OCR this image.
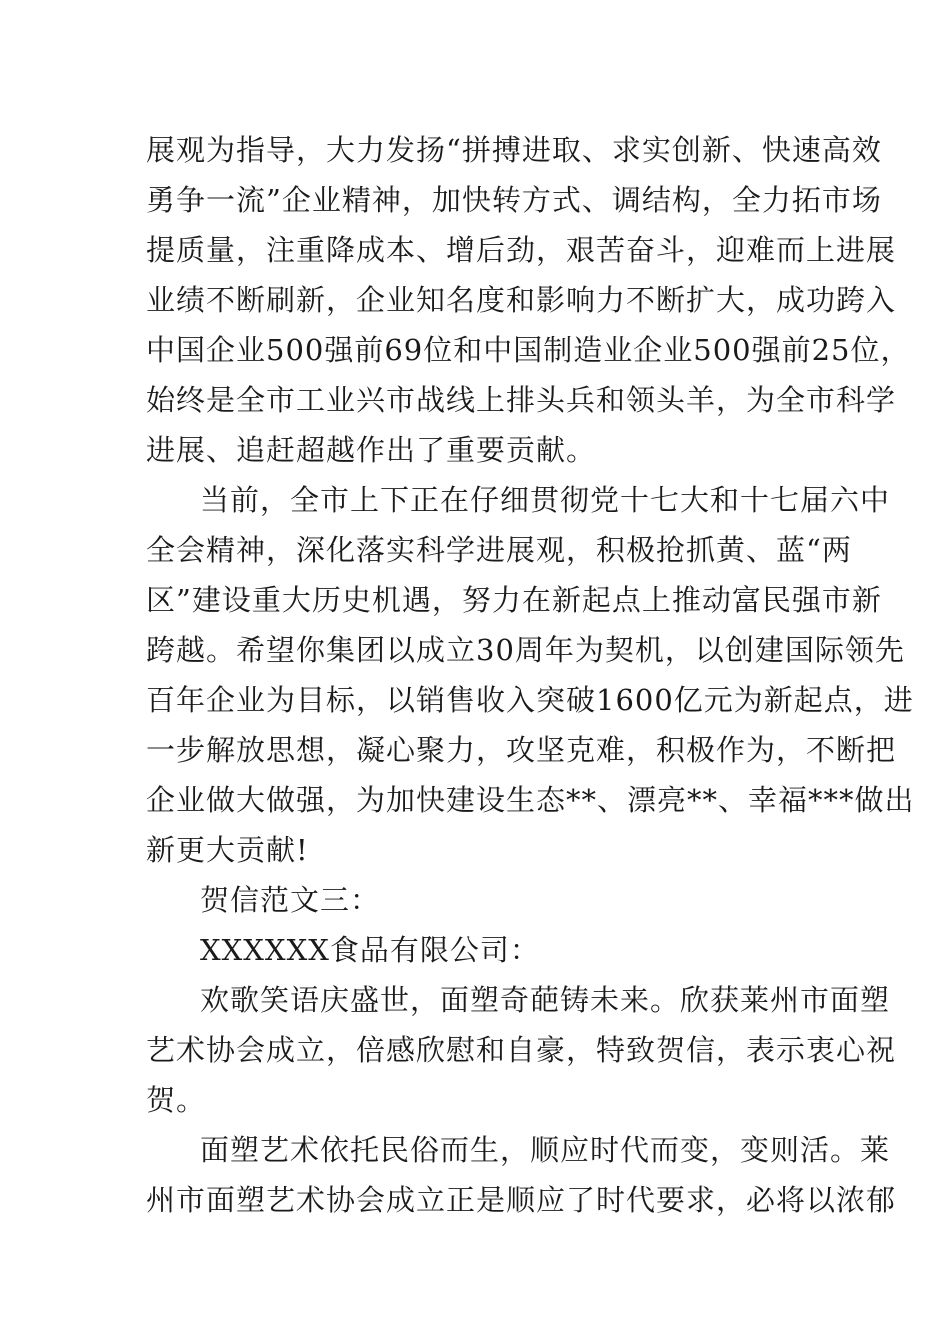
展观为指导，大力发扬“拼搏进取、求实创新、快速高效
勇争一流”企业精神，加快转方式、调结构，全力拓市场
提质量，注重降成本、增后劲，艰苦奋斗，迎难而上进展
业绩不断刷新，企业知名度和影响力不断扩大，成功跨入
中国企业500强前69位和中国制造业企业500强前25位，
始终是全市工业兴市战线上排头兵和领头羊，为全市科学
进展、追赶超越作出了重要贡献。
当前，全市上下正在仔细贯彻党十七大和十七届六中
全会精神，深化落实科学进展观，积极抢抓黄、蓝“两
区”建设重大历史机遇，努力在新起点上推动富民强市新
跨越。希望你集团以成立30周年为契机，以创建国际领先
百年企业为目标，以销售收入突破1600亿元为新起点，进
一步解放思想，凝心聚力，攻坚克难，积极作为，不断把
企业做大做强，为加快建设生态**、漂亮**、幸福***做出
新更大贡献!
贺信范文三：
XXXXXX食品有限公司：
欢歌笑语庆盛世，面塑奇葩铸未来。欣获莱州市面塑
艺术协会成立，倍感欣慰和自豪，特致贺信，表示衷心祝
贺。
面塑艺术依托民俗而生，顺应时代而变，变则活。莱
州市面塑艺术协会成立正是顺应了时代要求，必将以浓郁
